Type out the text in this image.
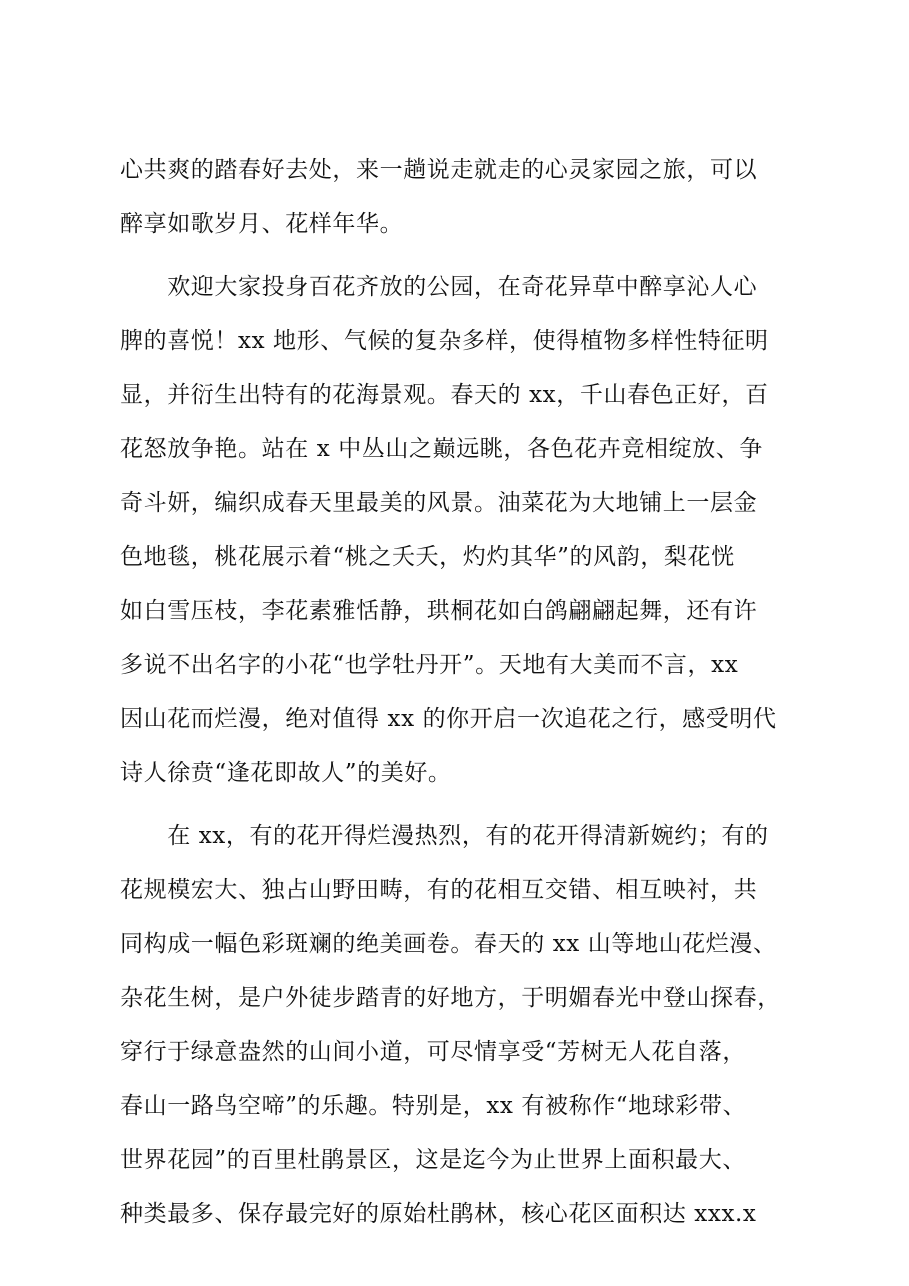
心共爽的踏春好去处，来一趟说走就走的心灵家园之旅，可以
醉享如歌岁月、花样年华。
　　欢迎大家投身百花齐放的公园，在奇花异草中醉享沁人心
脾的喜悦！xx 地形、气候的复杂多样，使得植物多样性特征明
显，并衍生出特有的花海景观。春天的 xx，千山春色正好，百
花怒放争艳。站在 x 中丛山之巅远眺，各色花卉竞相绽放、争
奇斗妍，编织成春天里最美的风景。油菜花为大地铺上一层金
色地毯，桃花展示着“桃之夭夭，灼灼其华”的风韵，梨花恍
如白雪压枝，李花素雅恬静，珙桐花如白鸽翩翩起舞，还有许
多说不出名字的小花“也学牡丹开”。天地有大美而不言，xx
因山花而烂漫，绝对值得 xx 的你开启一次追花之行，感受明代
诗人徐贲“逢花即故人”的美好。
　　在 xx，有的花开得烂漫热烈，有的花开得清新婉约；有的
花规模宏大、独占山野田畴，有的花相互交错、相互映衬，共
同构成一幅色彩斑斓的绝美画卷。春天的 xx 山等地山花烂漫、
杂花生树，是户外徒步踏青的好地方，于明媚春光中登山探春，
穿行于绿意盎然的山间小道，可尽情享受“芳树无人花自落，
春山一路鸟空啼”的乐趣。特别是，xx 有被称作“地球彩带、
世界花园”的百里杜鹃景区，这是迄今为止世界上面积最大、
种类最多、保存最完好的原始杜鹃林，核心花区面积达 xxx.x
